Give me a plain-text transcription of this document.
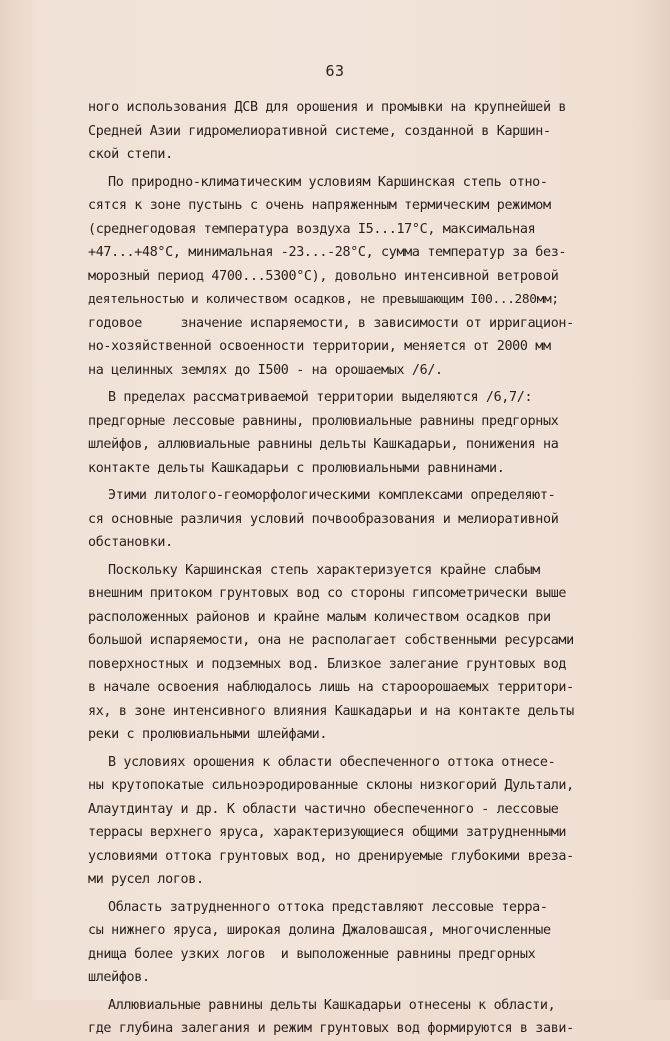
63
ного использования ДСВ для орошения и промывки на крупнейшей в
Средней Азии гидромелиоративной системе, созданной в Каршин-
ской степи.
По природно-климатическим условиям Каршинская степь отно-
сятся к зоне пустынь с очень напряженным термическим режимом
(среднегодовая температура воздуха I5...17°С, максимальная
+47...+48°С, минимальная -23...-28°С, сумма температур за без-
морозный период 4700...5300°С), довольно интенсивной ветровой
деятельностью и количеством осадков, не превышающим I00...280мм;
годовое     значение испаряемости, в зависимости от ирригацион-
но-хозяйственной освоенности территории, меняется от 2000 мм
на целинных землях до I500 - на орошаемых /6/.
В пределах рассматриваемой территории выделяются /6,7/:
предгорные лессовые равнины, пролювиальные равнины предгорных
шлейфов, аллювиальные равнины дельты Кашкадарьи, понижения на
контакте дельты Кашкадарьи с пролювиальными равнинами.
Этими литолого-геоморфологическими комплексами определяют-
ся основные различия условий почвообразования и мелиоративной
обстановки.
Поскольку Каршинская степь характеризуется крайне слабым
внешним притоком грунтовых вод со стороны гипсометрически выше
расположенных районов и крайне малым количеством осадков при
большой испаряемости, она не располагает собственными ресурсами
поверхностных и подземных вод. Близкое залегание грунтовых вод
в начале освоения наблюдалось лишь на староорошаемых территори-
ях, в зоне интенсивного влияния Кашкадарьи и на контакте дельты
реки с пролювиальными шлейфами.
В условиях орошения к области обеспеченного оттока отнесе-
ны крутопокатые сильноэродированные склоны низкогорий Дультали,
Алаутдинтау и др. К области частично обеспеченного - лессовые
террасы верхнего яруса, характеризующиеся общими затрудненными
условиями оттока грунтовых вод, но дренируемые глубокими вреза-
ми русел логов.
Область затрудненного оттока представляют лессовые терра-
сы нижнего яруса, широкая долина Джаловашсая, многочисленные
днища более узких логов  и выположенные равнины предгорных
шлейфов.
Аллювиальные равнины дельты Кашкадарьи отнесены к области,
где глубина залегания и режим грунтовых вод формируются в зави-
